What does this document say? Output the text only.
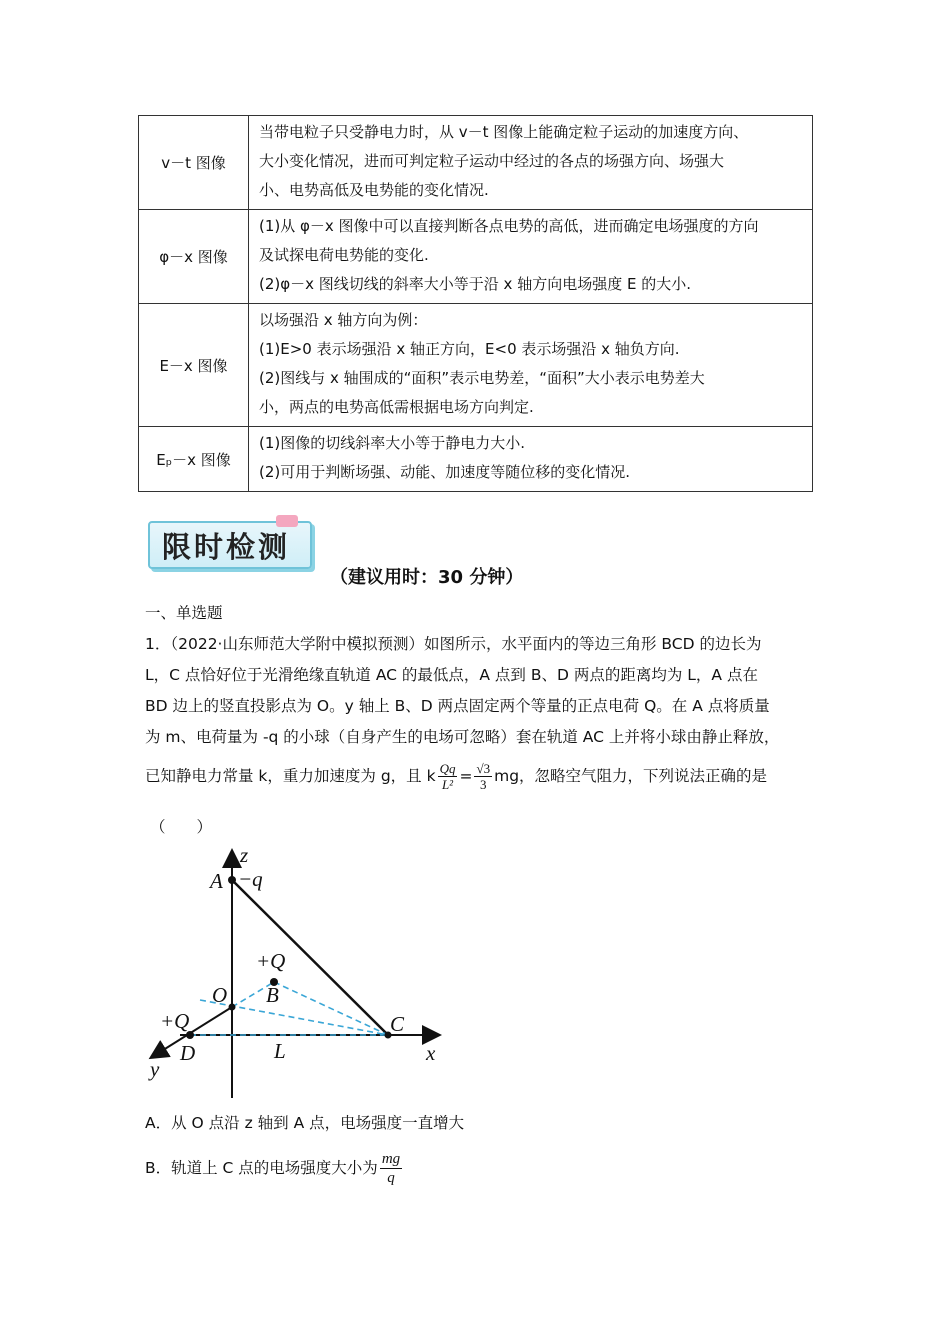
v－t 图像	当带电粒子只受静电力时，从 v－t 图像上能确定粒子运动的加速度方向、
大小变化情况，进而可判定粒子运动中经过的各点的场强方向、场强大
小、电势高低及电势能的变化情况.

φ－x 图像	(1)从 φ－x 图像中可以直接判断各点电势的高低，进而确定电场强度的方向
及试探电荷电势能的变化.
(2)φ－x 图线切线的斜率大小等于沿 x 轴方向电场强度 E 的大小.

E－x 图像	以场强沿 x 轴方向为例：
(1)E>0 表示场强沿 x 轴正方向，E<0 表示场强沿 x 轴负方向.
(2)图线与 x 轴围成的“面积”表示电势差，“面积”大小表示电势差大
小，两点的电势高低需根据电场方向判定.

Eₚ－x 图像	(1)图像的切线斜率大小等于静电力大小.
(2)可用于判断场强、动能、加速度等随位移的变化情况.
限时检测
（建议用时：30 分钟）
一、单选题
1．（2022·山东师范大学附中模拟预测）如图所示，水平面内的等边三角形 BCD 的边长为
L，C 点恰好位于光滑绝缘直轨道 AC 的最低点，A 点到 B、D 两点的距离均为 L，A 点在
BD 边上的竖直投影点为 O。y 轴上 B、D 两点固定两个等量的正点电荷 Q。在 A 点将质量
为 m、电荷量为 -q 的小球（自身产生的电场可忽略）套在轨道 AC 上并将小球由静止释放，
已知静电力常量 k，重力加速度为 g，且 k $\frac{Qq}{\text{L²}} = \frac{√3}{3}$ mg，忽略空气阻力，下列说法正确的是
（　　）
z
A −q
+Q
B
O
+Q
D	L
C
x
y
A．从 O 点沿 z 轴到 A 点，电场强度一直增大
B．轨道上 C 点的电场强度大小为 $\frac{mg}{q}$
